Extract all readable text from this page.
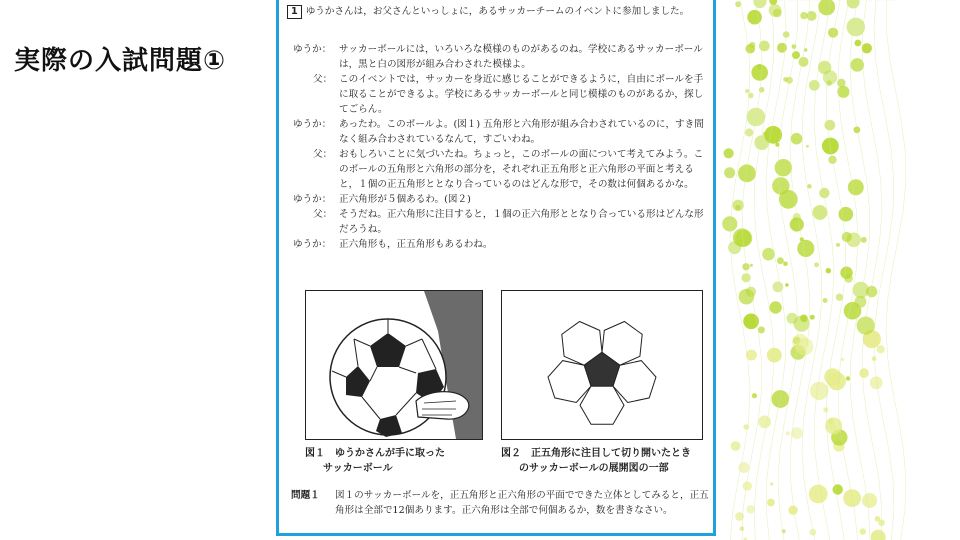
実際の入試問題①
1 ゆうかさんは，お父さんといっしょに，あるサッカーチームのイベントに参加しました。
ゆうか： サッカーボールには，いろいろな模様のものがあるのね。学校にあるサッカーボールは，黒と白の図形が組み合わされた模様よ。
父： このイベントでは，サッカーを身近に感じることができるように，自由にボールを手に取ることができるよ。学校にあるサッカーボールと同じ模様のものがあるか，探してごらん。
ゆうか： あったわ。このボールよ。(図１) 五角形と六角形が組み合わされているのに，すき間なく組み合わされているなんて，すごいわね。
父： おもしろいことに気づいたね。ちょっと，このボールの面について考えてみよう。このボールの五角形と六角形の部分を，それぞれ正五角形と正六角形の平面と考えると，１個の正五角形ととなり合っているのはどんな形で，その数は何個あるかな。
ゆうか： 正六角形が５個あるわ。(図２)
父： そうだね。正六角形に注目すると，１個の正六角形ととなり合っている形はどんな形だろうね。
ゆうか： 正六角形も，正五角形もあるわね。
図１　ゆうかさんが手に取った
サッカーボール
図２　正五角形に注目して切り開いたとき
のサッカーボールの展開図の一部
問題１	図１のサッカーボールを，正五角形と正六角形の平面でできた立体としてみると，正五角形は全部で12個あります。正六角形は全部で何個あるか，数を書きなさい。
